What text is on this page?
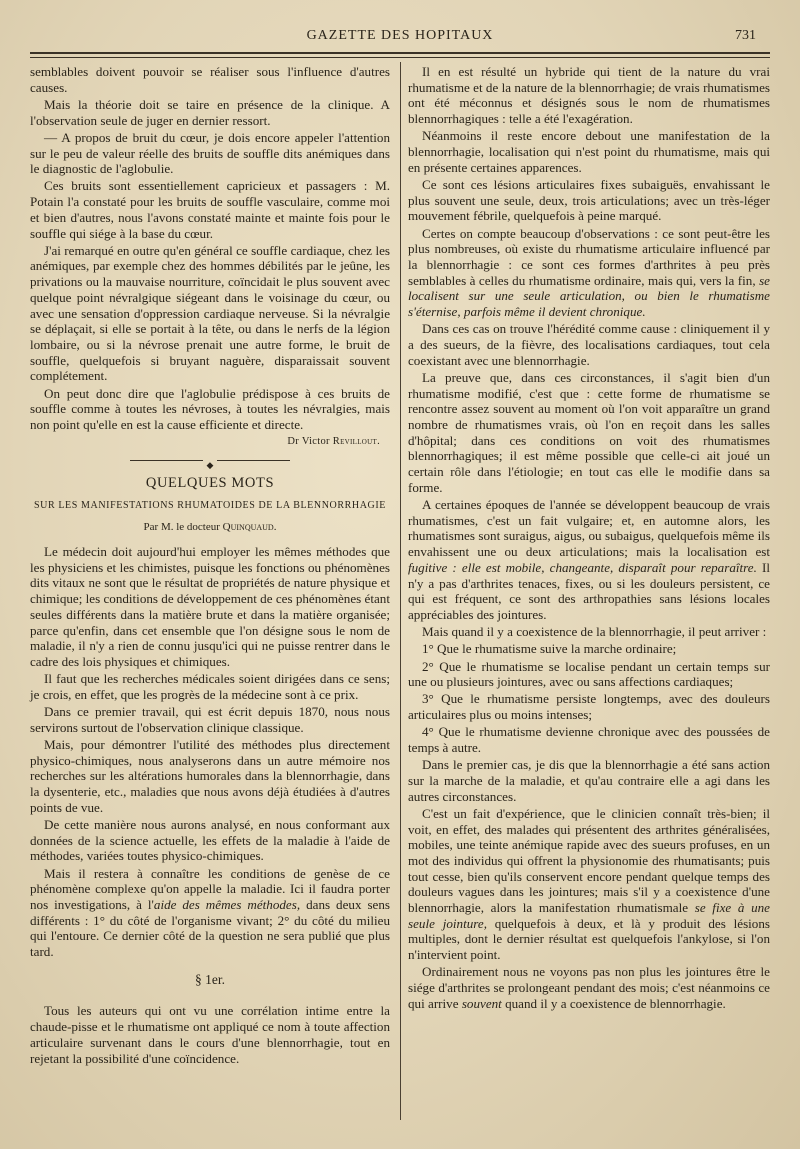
GAZETTE DES HOPITAUX	731

semblables doivent pouvoir se réaliser sous l'influence d'autres causes.

Mais la théorie doit se taire en présence de la clinique. A l'observation seule de juger en dernier ressort.

— A propos de bruit du cœur, je dois encore appeler l'attention sur le peu de valeur réelle des bruits de souffle dits anémiques dans le diagnostic de l'aglobulie.

Ces bruits sont essentiellement capricieux et passagers : M. Potain l'a constaté pour les bruits de souffle vasculaire, comme moi et bien d'autres, nous l'avons constaté mainte et mainte fois pour le souffle qui siége à la base du cœur.

J'ai remarqué en outre qu'en général ce souffle cardiaque, chez les anémiques, par exemple chez des hommes débilités par le jeûne, les privations ou la mauvaise nourriture, coïncidait le plus souvent avec quelque point névralgique siégeant dans le voisinage du cœur, ou avec une sensation d'oppression cardiaque nerveuse. Si la névralgie se déplaçait, si elle se portait à la tête, ou dans le nerfs de la légion lombaire, ou si la névrose prenait une autre forme, le bruit de souffle, quelquefois si bruyant naguère, disparaissait souvent complétement.

On peut donc dire que l'aglobulie prédispose à ces bruits de souffle comme à toutes les névroses, à toutes les névralgies, mais non point qu'elle en est la cause efficiente et directe.

Dr Victor Revillout.
◆
QUELQUES MOTS
SUR LES MANIFESTATIONS RHUMATOIDES DE LA BLENNORRHAGIE
Par M. le docteur Quinquaud.

Le médecin doit aujourd'hui employer les mêmes méthodes que les physiciens et les chimistes, puisque les fonctions ou phénomènes dits vitaux ne sont que le résultat de propriétés de nature physique et chimique; les conditions de développement de ces phénomènes étant seules différents dans la matière brute et dans la matière organisée; parce qu'enfin, dans cet ensemble que l'on désigne sous le nom de maladie, il n'y a rien de connu jusqu'ici qui ne puisse rentrer dans le cadre des lois physiques et chimiques.

Il faut que les recherches médicales soient dirigées dans ce sens; je crois, en effet, que les progrès de la médecine sont à ce prix.

Dans ce premier travail, qui est écrit depuis 1870, nous nous servirons surtout de l'observation clinique classique.

Mais, pour démontrer l'utilité des méthodes plus directement physico-chimiques, nous analyserons dans un autre mémoire nos recherches sur les altérations humorales dans la blennorrhagie, dans la dysenterie, etc., maladies que nous avons déjà étudiées à d'autres points de vue.

De cette manière nous aurons analysé, en nous conformant aux données de la science actuelle, les effets de la maladie à l'aide de méthodes, variées toutes physico-chimiques.

Mais il restera à connaître les conditions de genèse de ce phénomène complexe qu'on appelle la maladie. Ici il faudra porter nos investigations, à l'aide des mêmes méthodes, dans deux sens différents : 1° du côté de l'organisme vivant; 2° du côté du milieu qui l'entoure. Ce dernier côté de la question ne sera publié que plus tard.

§ 1er.

Tous les auteurs qui ont vu une corrélation intime entre la chaude-pisse et le rhumatisme ont appliqué ce nom à toute affection articulaire survenant dans le cours d'une blennorrhagie, tout en rejetant la possibilité d'une coïncidence.

Il en est résulté un hybride qui tient de la nature du vrai rhumatisme et de la nature de la blennorrhagie; de vrais rhumatismes ont été méconnus et désignés sous le nom de rhumatismes blennorrhagiques : telle a été l'exagération.

Néanmoins il reste encore debout une manifestation de la blennorrhagie, localisation qui n'est point du rhumatisme, mais qui en présente certaines apparences.

Ce sont ces lésions articulaires fixes subaiguës, envahissant le plus souvent une seule, deux, trois articulations; avec un très-léger mouvement fébrile, quelquefois à peine marqué.

Certes on compte beaucoup d'observations : ce sont peut-être les plus nombreuses, où existe du rhumatisme articulaire influencé par la blennorrhagie : ce sont ces formes d'arthrites à peu près semblables à celles du rhumatisme ordinaire, mais qui, vers la fin, se localisent sur une seule articulation, ou bien le rhumatisme s'éternise, parfois même il devient chronique.

Dans ces cas on trouve l'hérédité comme cause : cliniquement il y a des sueurs, de la fièvre, des localisations cardiaques, tout cela coexistant avec une blennorrhagie.

La preuve que, dans ces circonstances, il s'agit bien d'un rhumatisme modifié, c'est que : cette forme de rhumatisme se rencontre assez souvent au moment où l'on voit apparaître un grand nombre de rhumatismes vrais, où l'on en reçoit dans les salles d'hôpital; dans ces conditions on voit des rhumatismes blennorrhagiques; il est même possible que celle-ci ait joué un certain rôle dans l'étiologie; en tout cas elle le modifie dans sa forme.

A certaines époques de l'année se développent beaucoup de vrais rhumatismes, c'est un fait vulgaire; et, en automne alors, les rhumatismes sont suraigus, aigus, ou subaigus, quelquefois même ils envahissent une ou deux articulations; mais la localisation est fugitive : elle est mobile, changeante, disparaît pour reparaître. Il n'y a pas d'arthrites tenaces, fixes, ou si les douleurs persistent, ce qui est fréquent, ce sont des arthropathies sans lésions locales appréciables des jointures.

Mais quand il y a coexistence de la blennorrhagie, il peut arriver :

1° Que le rhumatisme suive la marche ordinaire;

2° Que le rhumatisme se localise pendant un certain temps sur une ou plusieurs jointures, avec ou sans affections cardiaques;

3° Que le rhumatisme persiste longtemps, avec des douleurs articulaires plus ou moins intenses;

4° Que le rhumatisme devienne chronique avec des poussées de temps à autre.

Dans le premier cas, je dis que la blennorrhagie a été sans action sur la marche de la maladie, et qu'au contraire elle a agi dans les autres circonstances.

C'est un fait d'expérience, que le clinicien connaît très-bien; il voit, en effet, des malades qui présentent des arthrites généralisées, mobiles, une teinte anémique rapide avec des sueurs profuses, en un mot des individus qui offrent la physionomie des rhumatisants; puis tout cesse, bien qu'ils conservent encore pendant quelque temps des douleurs vagues dans les jointures; mais s'il y a coexistence d'une blennorrhagie, alors la manifestation rhumatismale se fixe à une seule jointure, quelquefois à deux, et là y produit des lésions multiples, dont le dernier résultat est quelquefois l'ankylose, si l'on n'intervient point.

Ordinairement nous ne voyons pas non plus les jointures être le siége d'arthrites se prolongeant pendant des mois; c'est néanmoins ce qui arrive souvent quand il y a coexistence de blennorrhagie.
